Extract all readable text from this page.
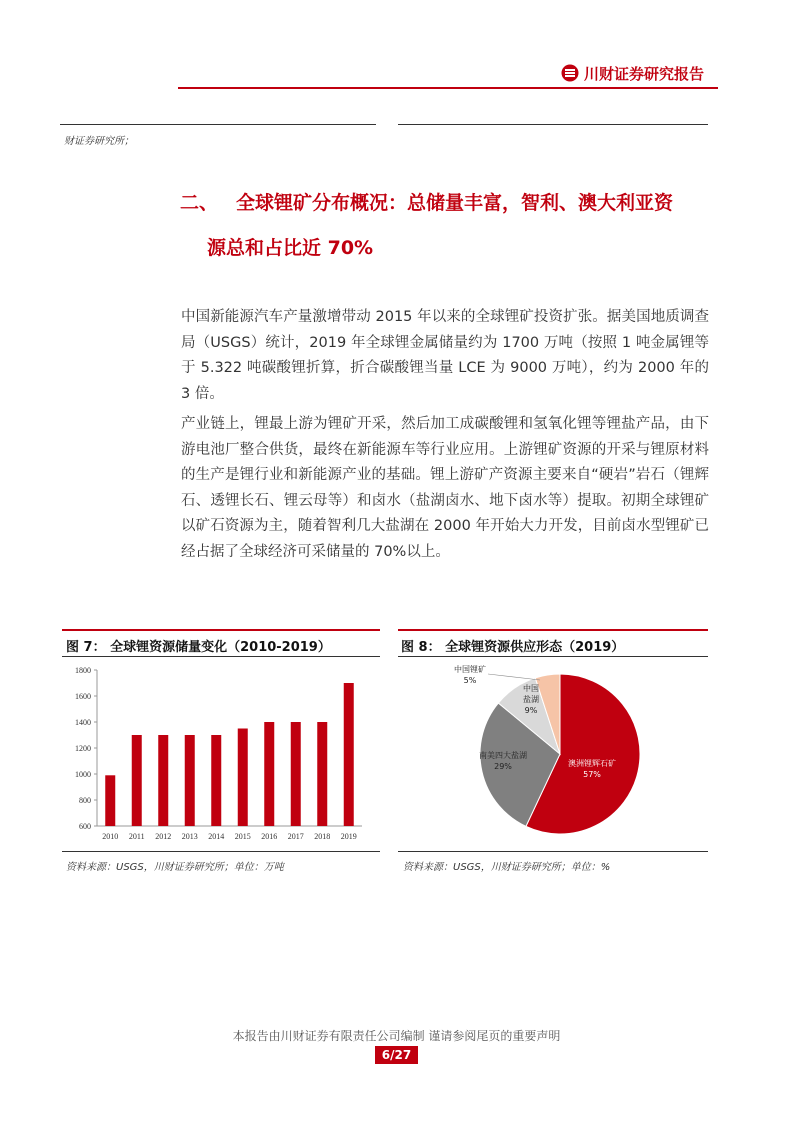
川财证券研究报告
财证券研究所；
二、 全球锂矿分布概况：总储量丰富，智利、澳大利亚资
源总和占比近 70%
中国新能源汽车产量激增带动 2015 年以来的全球锂矿投资扩张。据美国地质调查局（USGS）统计，2019 年全球锂金属储量约为 1700 万吨（按照 1 吨金属锂等于 5.322 吨碳酸锂折算，折合碳酸锂当量 LCE 为 9000 万吨），约为 2000 年的 3 倍。
产业链上，锂最上游为锂矿开采，然后加工成碳酸锂和氢氧化锂等锂盐产品，由下游电池厂整合供货，最终在新能源车等行业应用。上游锂矿资源的开采与锂原材料的生产是锂行业和新能源产业的基础。锂上游矿产资源主要来自“硬岩”岩石（锂辉石、透锂长石、锂云母等）和卤水（盐湖卤水、地下卤水等）提取。初期全球锂矿以矿石资源为主，随着智利几大盐湖在 2000 年开始大力开发，目前卤水型锂矿已经占据了全球经济可采储量的 70%以上。
图 7： 全球锂资源储量变化（2010-2019）
600
800
1000
1200
1400
1600
1800
2010 2011 2012 2013 2014 2015 2016 2017 2018 2019
资料来源：USGS，川财证券研究所；单位：万吨
图 8： 全球锂资源供应形态（2019）
澳洲锂辉石矿
57%
南美四大盐湖
29%
中国
盐湖
9%
中国锂矿
5%
资料来源：USGS，川财证券研究所；单位：%
本报告由川财证券有限责任公司编制 谨请参阅尾页的重要声明
6/27
